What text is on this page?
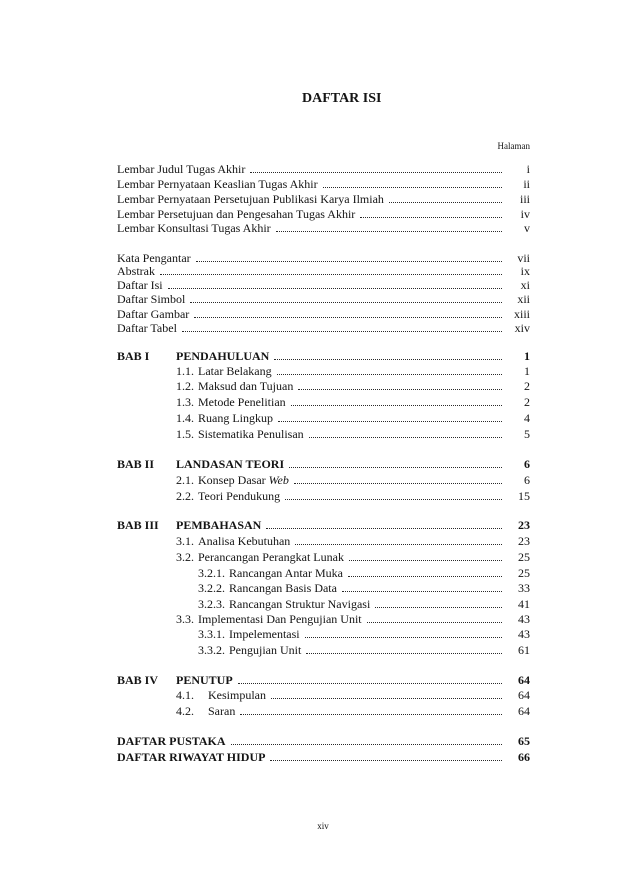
DAFTAR ISI
Halaman
Lembar Judul Tugas Akhir	i
Lembar Pernyataan Keaslian Tugas Akhir	ii
Lembar Pernyataan Persetujuan Publikasi Karya Ilmiah	iii
Lembar Persetujuan dan Pengesahan Tugas Akhir	iv
Lembar Konsultasi Tugas Akhir	v
Kata Pengantar	vii
Abstrak	ix
Daftar Isi	xi
Daftar Simbol	xii
Daftar Gambar	xiii
Daftar Tabel	xiv
BAB I	PENDAHULUAN	1
1.1. Latar Belakang	1
1.2. Maksud dan Tujuan	2
1.3. Metode Penelitian	2
1.4. Ruang Lingkup	4
1.5. Sistematika Penulisan	5
BAB II	LANDASAN TEORI	6
2.1. Konsep Dasar Web	6
2.2. Teori Pendukung	15
BAB III	PEMBAHASAN	23
3.1. Analisa Kebutuhan	23
3.2. Perancangan Perangkat Lunak	25
3.2.1. Rancangan Antar Muka	25
3.2.2. Rancangan Basis Data	33
3.2.3. Rancangan Struktur Navigasi	41
3.3. Implementasi Dan Pengujian Unit	43
3.3.1. Impelementasi	43
3.3.2. Pengujian Unit	61
BAB IV	PENUTUP	64
4.1.	Kesimpulan	64
4.2.	Saran	64
DAFTAR PUSTAKA	65
DAFTAR RIWAYAT HIDUP	66
xiv
